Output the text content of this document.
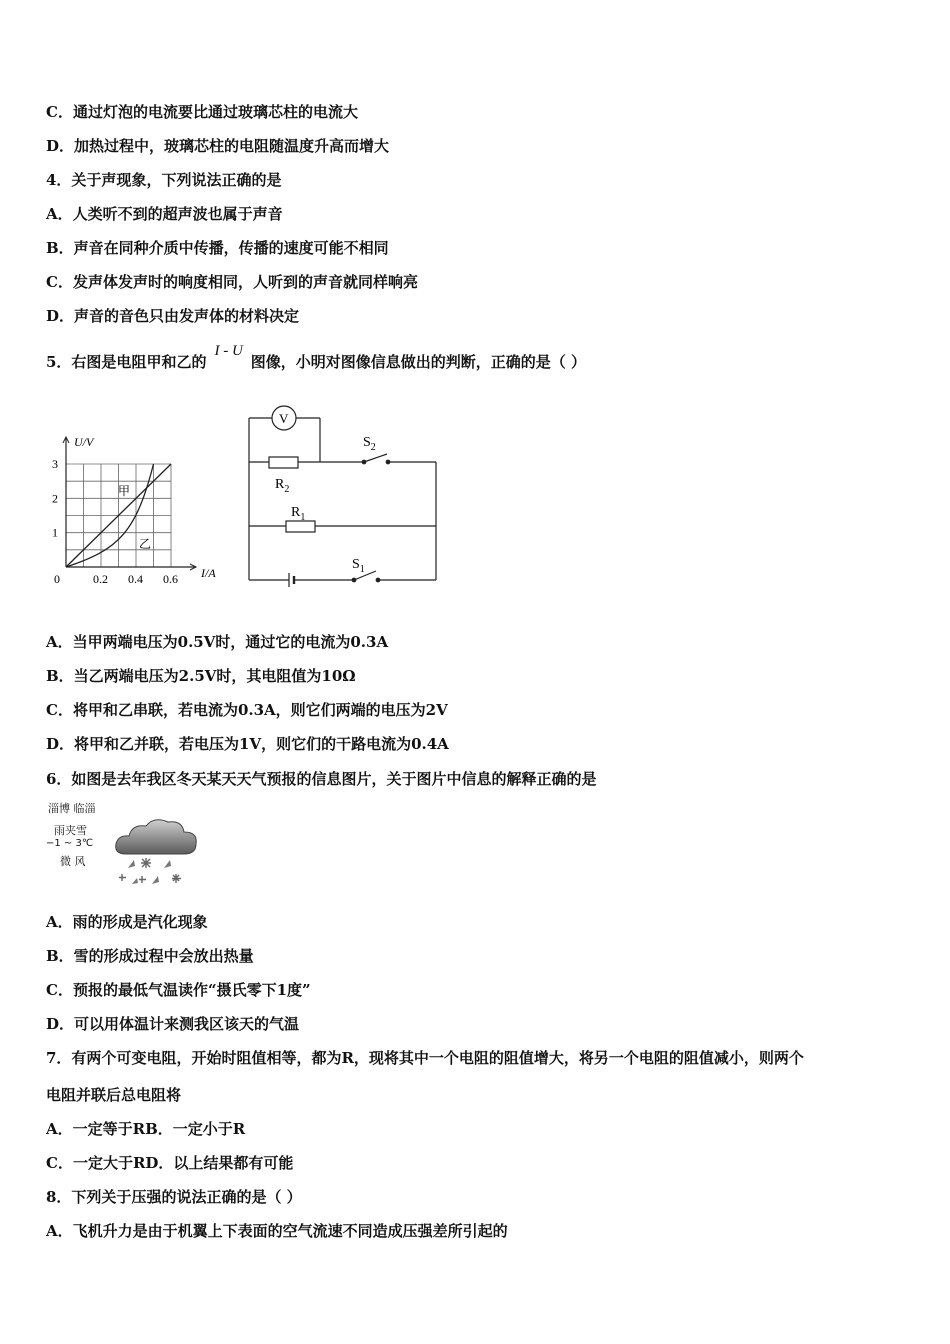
C．通过灯泡的电流要比通过玻璃芯柱的电流大
D．加热过程中，玻璃芯柱的电阻随温度升高而增大
4．关于声现象，下列说法正确的是
A．人类听不到的超声波也属于声音
B．声音在同种介质中传播，传播的速度可能不相同
C．发声体发声时的响度相同，人听到的声音就同样响亮
D．声音的音色只由发声体的材料决定
5．右图是电阻甲和乙的I - U图像，小明对图像信息做出的判断，正确的是（ ）
0	0.2 0.4 0.6
1
2
3
U/V
I/A
甲
乙
V
$R_2$
$R_1$
$S_2$
$S_1$
A．当甲两端电压为0.5V时，通过它的电流为0.3A
B．当乙两端电压为2.5V时，其电阻值为10Ω
C．将甲和乙串联，若电流为0.3A，则它们两端的电压为2V
D．将甲和乙并联，若电压为1V，则它们的干路电流为0.4A
6．如图是去年我区冬天某天天气预报的信息图片，关于图片中信息的解释正确的是
淄博 临淄
雨夹雪
−1 ~ 3℃
微 风
A．雨的形成是汽化现象
B．雪的形成过程中会放出热量
C．预报的最低气温读作“摄氏零下1度”
D．可以用体温计来测我区该天的气温
7．有两个可变电阻，开始时阻值相等，都为R，现将其中一个电阻的阻值增大，将另一个电阻的阻值减小，则两个
电阻并联后总电阻将
A．一定等于RB．一定小于R
C．一定大于RD．以上结果都有可能
8．下列关于压强的说法正确的是（ ）
A．飞机升力是由于机翼上下表面的空气流速不同造成压强差所引起的
